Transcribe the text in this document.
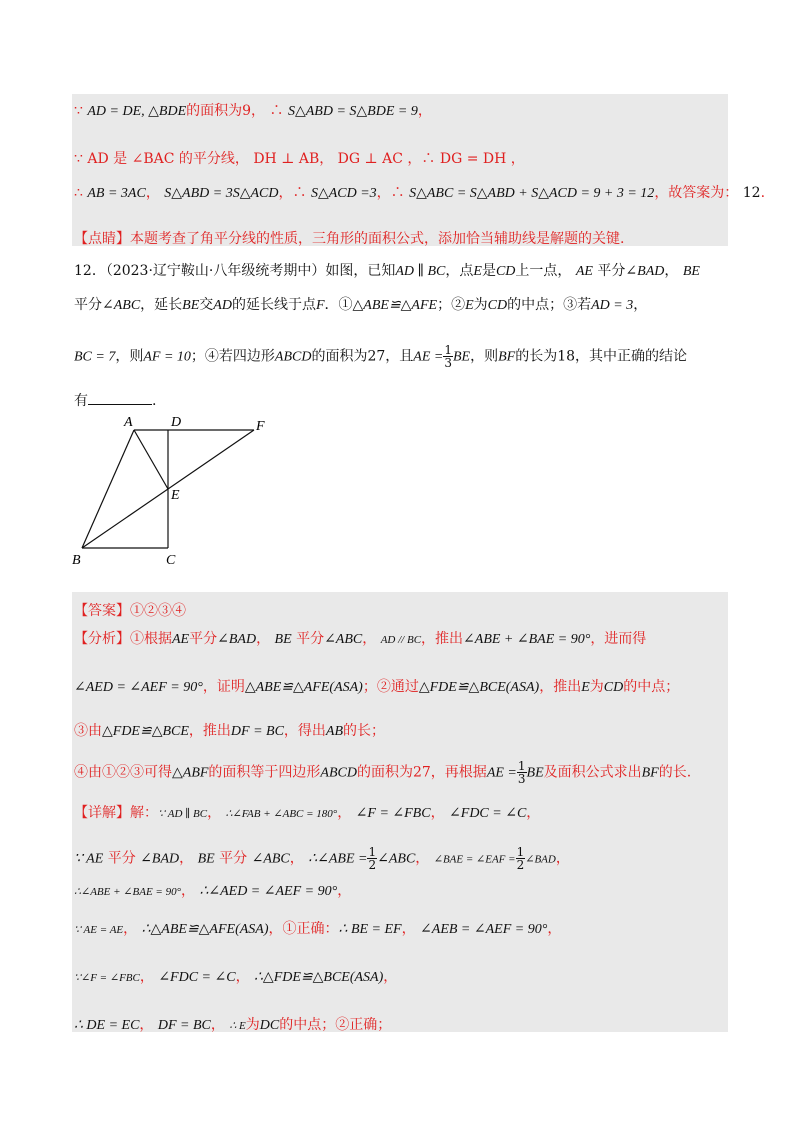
∵ AD = DE, △BDE的面积为9， ∴ S△ABD = S△BDE = 9，
∵ AD 是 ∠BAC 的平分线， DH ⊥ AB， DG ⊥ AC ，∴ DG = DH ，
∴ AB = 3AC， S△ABD = 3S△ACD，∴ S△ACD =3，∴ S△ABC = S△ABD + S△ACD = 9 + 3 = 12，故答案为： 12.
【点睛】本题考查了角平分线的性质，三角形的面积公式，添加恰当辅助线是解题的关键.
12．（2023·辽宁鞍山·八年级统考期中）如图，已知AD ∥ BC，点E是CD上一点， AE 平分∠BAD， BE
平分∠ABC，延长BE交AD的延长线于点F．①△ABE≌△AFE；②E为CD的中点；③若AD = 3，
BC = 7，则AF = 10；④若四边形ABCD的面积为27，且AE = $\frac{1}{3}$ BE，则BF的长为18，其中正确的结论
有	.
A	D	F
E
B	C
【答案】①②③④
【分析】①根据AE平分∠BAD， BE 平分∠ABC， AD // BC，推出∠ABE + ∠BAE = 90°，进而得
∠AED = ∠AEF = 90°，证明△ABE≌△AFE(ASA)；②通过△FDE≌△BCE(ASA)，推出E为CD的中点；
③由△FDE≌△BCE，推出DF = BC，得出AB的长；
④由①②③可得△ABF的面积等于四边形ABCD的面积为27，再根据AE = $\frac{1}{3}$ BE及面积公式求出BF的长.
【详解】解：∵ AD ∥ BC， ∴∠FAB + ∠ABC = 180°， ∠F = ∠FBC， ∠FDC = ∠C，
∵ AE 平分 ∠BAD， BE 平分 ∠ABC， ∴∠ABE = $\frac{1}{2}$ ∠ABC， ∠BAE = ∠EAF = $\frac{1}{2}$ ∠BAD，
∴∠ABE + ∠BAE = 90°， ∴∠AED = ∠AEF = 90°，
∵ AE = AE， ∴△ABE≌△AFE(ASA)，①正确：∴ BE = EF， ∠AEB = ∠AEF = 90°，
∵∠F = ∠FBC， ∠FDC = ∠C， ∴△FDE≌△BCE(ASA)，
∴ DE = EC， DF = BC， ∴ E为DC的中点；②正确；
